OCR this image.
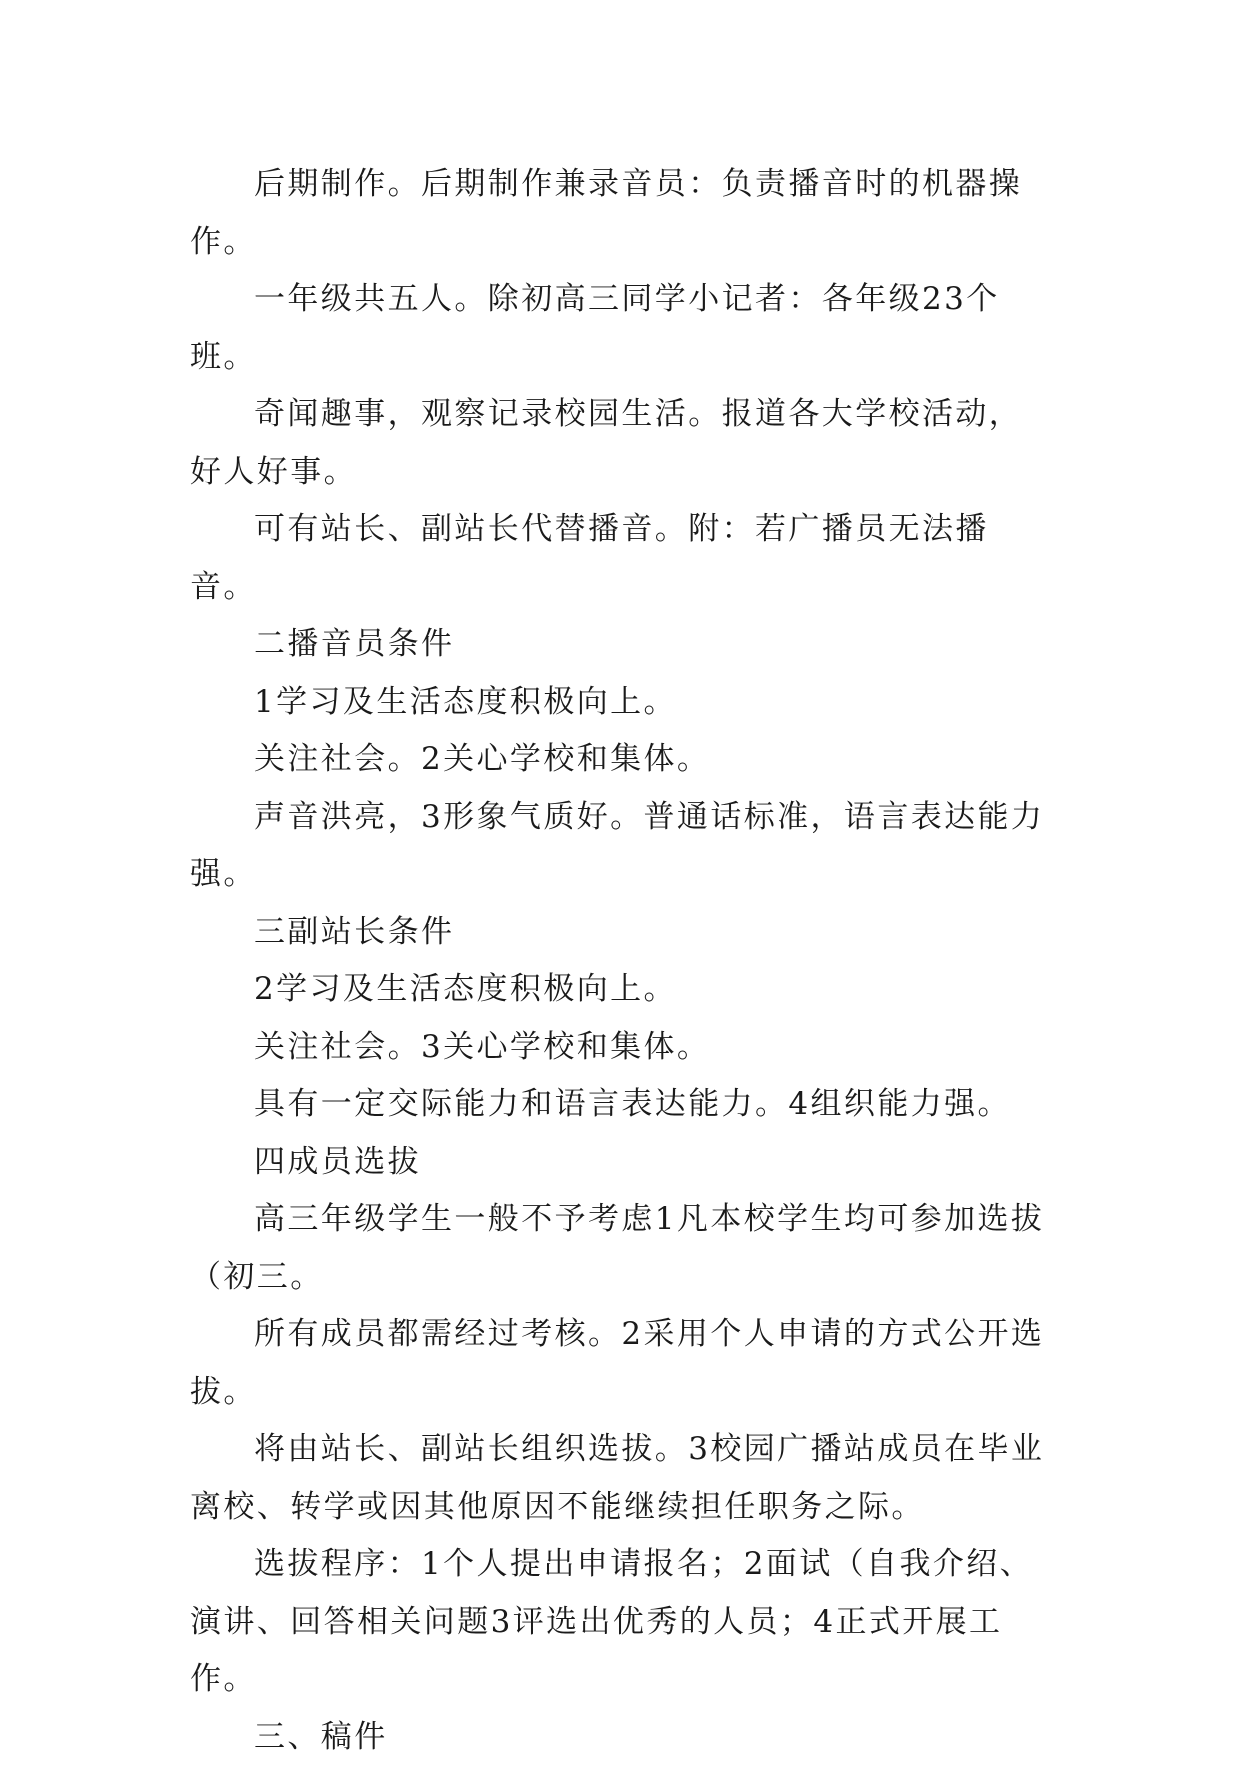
后期制作。后期制作兼录音员：负责播音时的机器操作。

一年级共五人。除初高三同学小记者：各年级23个班。

奇闻趣事，观察记录校园生活。报道各大学校活动，好人好事。

可有站长、副站长代替播音。附：若广播员无法播音。

二播音员条件

1学习及生活态度积极向上。

关注社会。2关心学校和集体。

声音洪亮，3形象气质好。普通话标准，语言表达能力强。

三副站长条件

2学习及生活态度积极向上。

关注社会。3关心学校和集体。

具有一定交际能力和语言表达能力。4组织能力强。

四成员选拔

高三年级学生一般不予考虑1凡本校学生均可参加选拔（初三。

所有成员都需经过考核。2采用个人申请的方式公开选拔。

将由站长、副站长组织选拔。3校园广播站成员在毕业离校、转学或因其他原因不能继续担任职务之际。

选拔程序：1个人提出申请报名；2面试（自我介绍、演讲、回答相关问题3评选出优秀的人员；4正式开展工作。

三、稿件
